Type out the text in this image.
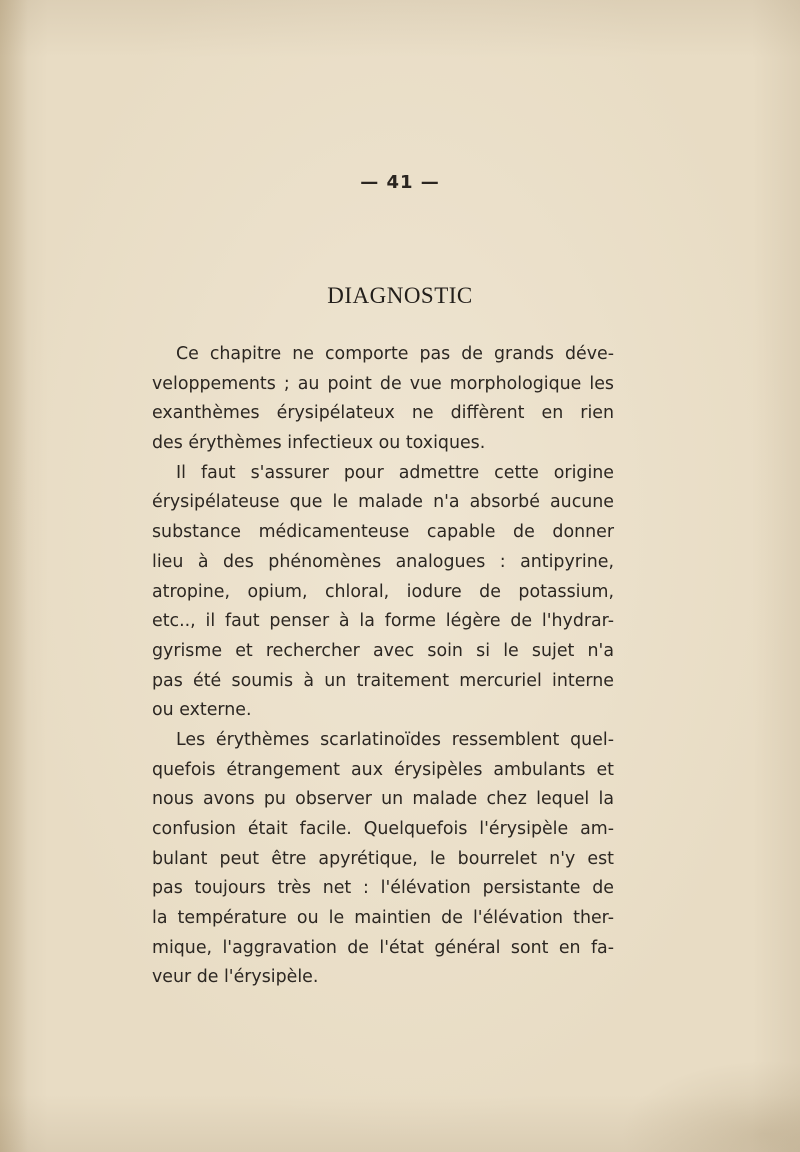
— 41 —
DIAGNOSTIC
Ce chapitre ne comporte pas de grands déve-
veloppements ; au point de vue morphologique les
exanthèmes érysipélateux ne diffèrent en rien
des érythèmes infectieux ou toxiques.
Il faut s'assurer pour admettre cette origine
érysipélateuse que le malade n'a absorbé aucune
substance médicamenteuse capable de donner
lieu à des phénomènes analogues : antipyrine,
atropine, opium, chloral, iodure de potassium,
etc.., il faut penser à la forme légère de l'hydrar-
gyrisme et rechercher avec soin si le sujet n'a
pas été soumis à un traitement mercuriel interne
ou externe.
Les érythèmes scarlatinoïdes ressemblent quel-
quefois étrangement aux érysipèles ambulants et
nous avons pu observer un malade chez lequel la
confusion était facile. Quelquefois l'érysipèle am-
bulant peut être apyrétique, le bourrelet n'y est
pas toujours très net : l'élévation persistante de
la température ou le maintien de l'élévation ther-
mique, l'aggravation de l'état général sont en fa-
veur de l'érysipèle.
